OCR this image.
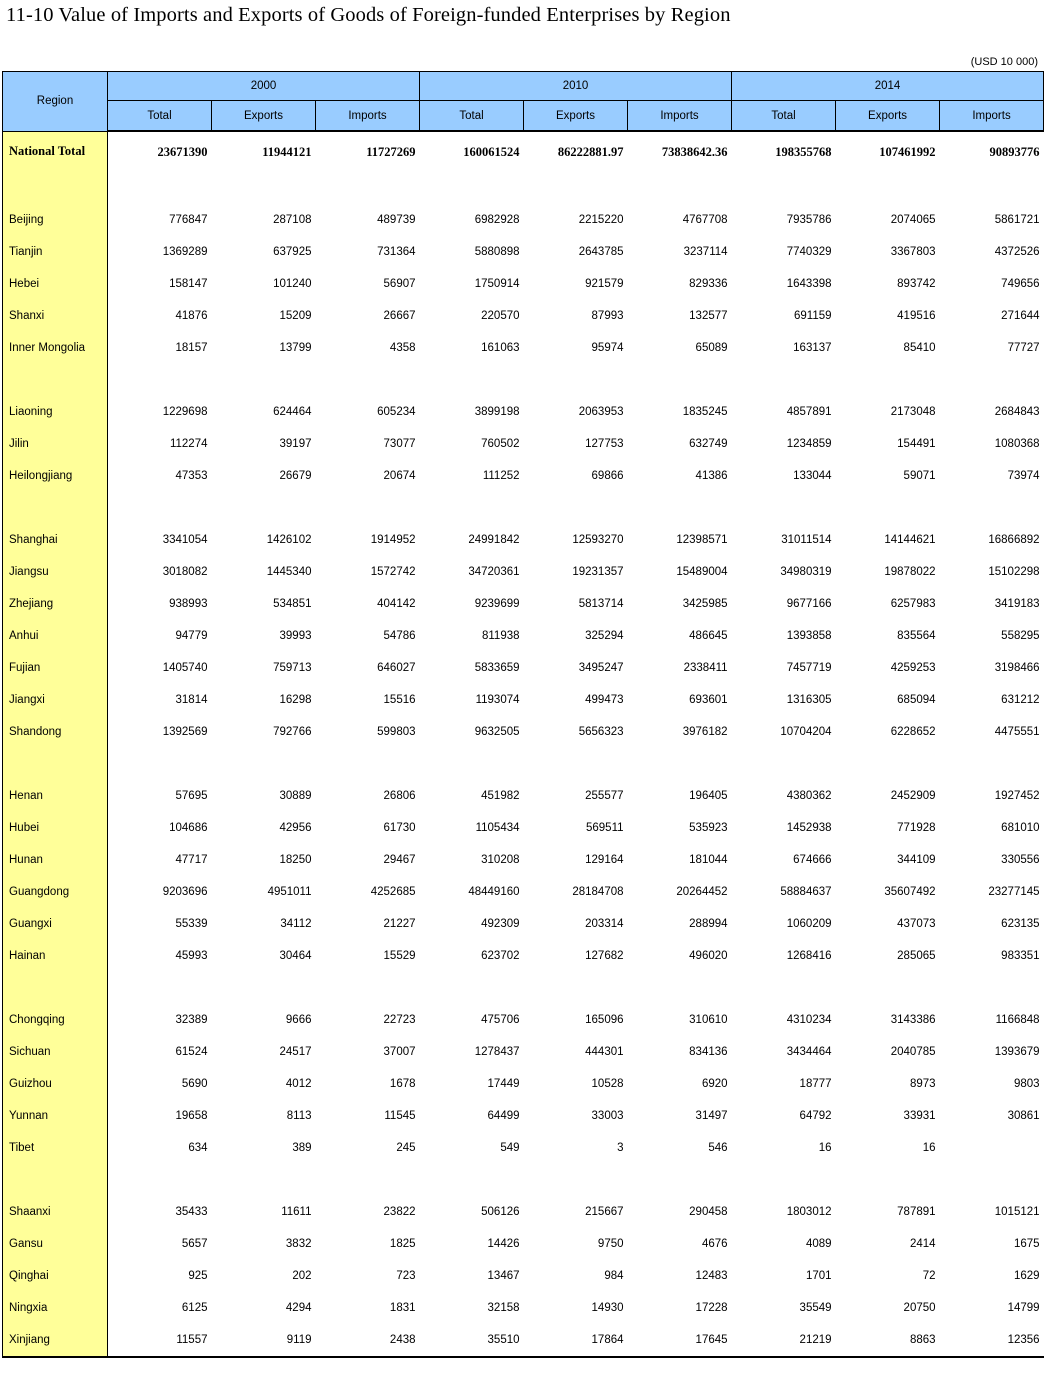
11-10 Value of Imports and Exports of Goods of Foreign-funded Enterprises by Region
(USD 10 000)
Region	2000			2010			2014		
	Total	Exports	Imports	Total	Exports	Imports	Total	Exports	Imports
National Total	23671390	11944121	11727269	160061524	86222881.97	73838642.36	198355768	107461992	90893776

Beijing	776847	287108	489739	6982928	2215220	4767708	7935786	2074065	5861721
Tianjin	1369289	637925	731364	5880898	2643785	3237114	7740329	3367803	4372526
Hebei	158147	101240	56907	1750914	921579	829336	1643398	893742	749656
Shanxi	41876	15209	26667	220570	87993	132577	691159	419516	271644
Inner Mongolia	18157	13799	4358	161063	95974	65089	163137	85410	77727

Liaoning	1229698	624464	605234	3899198	2063953	1835245	4857891	2173048	2684843
Jilin	112274	39197	73077	760502	127753	632749	1234859	154491	1080368
Heilongjiang	47353	26679	20674	111252	69866	41386	133044	59071	73974

Shanghai	3341054	1426102	1914952	24991842	12593270	12398571	31011514	14144621	16866892
Jiangsu	3018082	1445340	1572742	34720361	19231357	15489004	34980319	19878022	15102298
Zhejiang	938993	534851	404142	9239699	5813714	3425985	9677166	6257983	3419183
Anhui	94779	39993	54786	811938	325294	486645	1393858	835564	558295
Fujian	1405740	759713	646027	5833659	3495247	2338411	7457719	4259253	3198466
Jiangxi	31814	16298	15516	1193074	499473	693601	1316305	685094	631212
Shandong	1392569	792766	599803	9632505	5656323	3976182	10704204	6228652	4475551

Henan	57695	30889	26806	451982	255577	196405	4380362	2452909	1927452
Hubei	104686	42956	61730	1105434	569511	535923	1452938	771928	681010
Hunan	47717	18250	29467	310208	129164	181044	674666	344109	330556
Guangdong	9203696	4951011	4252685	48449160	28184708	20264452	58884637	35607492	23277145
Guangxi	55339	34112	21227	492309	203314	288994	1060209	437073	623135
Hainan	45993	30464	15529	623702	127682	496020	1268416	285065	983351

Chongqing	32389	9666	22723	475706	165096	310610	4310234	3143386	1166848
Sichuan	61524	24517	37007	1278437	444301	834136	3434464	2040785	1393679
Guizhou	5690	4012	1678	17449	10528	6920	18777	8973	9803
Yunnan	19658	8113	11545	64499	33003	31497	64792	33931	30861
Tibet	634	389	245	549	3	546	16	16	

Shaanxi	35433	11611	23822	506126	215667	290458	1803012	787891	1015121
Gansu	5657	3832	1825	14426	9750	4676	4089	2414	1675
Qinghai	925	202	723	13467	984	12483	1701	72	1629
Ningxia	6125	4294	1831	32158	14930	17228	35549	20750	14799
Xinjiang	11557	9119	2438	35510	17864	17645	21219	8863	12356
